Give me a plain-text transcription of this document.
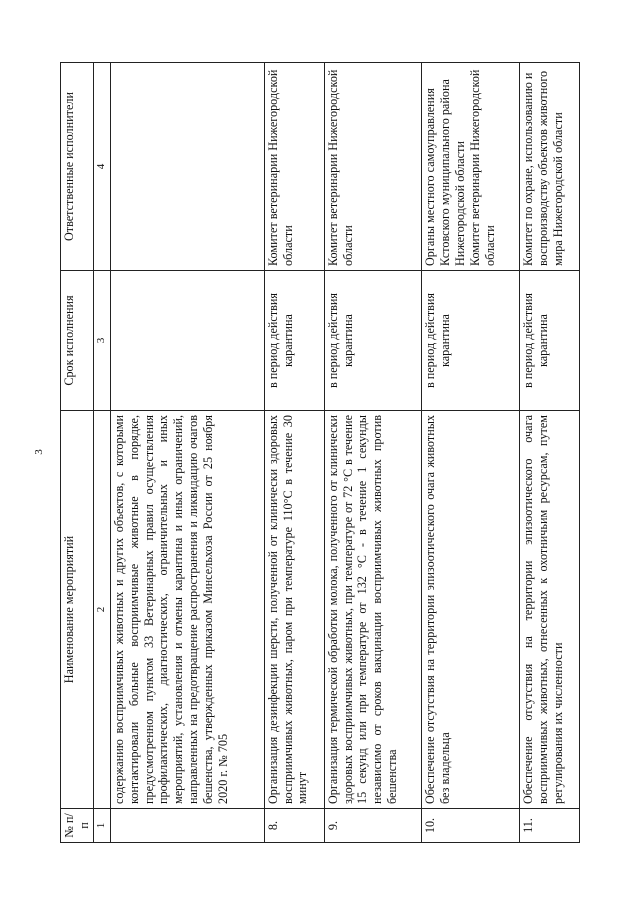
3
№ п/п	Наименование мероприятий	Срок исполнения	Ответственные исполнители
1	2	3	4
	содержанию восприимчивых животных и других объектов, с которыми контактировали больные восприимчивые животные в порядке, предусмотренном пунктом 33 Ветеринарных правил осуществления профилактических, диагностических, ограничительных и иных мероприятий, установления и отмены карантина и иных ограничений, направленных на предотвращение распространения и ликвидацию очагов бешенства, утвержденных приказом Минсельхоза России от 25 ноября 2020 г. № 705		
8.	Организация дезинфекции шерсти, полученной от клинически здоровых восприимчивых животных, паром при температуре 110°С в течение 30 минут	в период действия карантина	Комитет ветеринарии Нижегородской области
9.	Организация термической обработки молока, полученного от клинически здоровых восприимчивых животных, при температуре от 72 °С в течение 15 секунд или при температуре от 132 °С - в течение 1 секунды независимо от сроков вакцинации восприимчивых животных против бешенства	в период действия карантина	Комитет ветеринарии Нижегородской области
10.	Обеспечение отсутствия на территории эпизоотического очага животных без владельца	в период действия карантина	Органы местного самоуправления Кстовского муниципального района Нижегородской области Комитет ветеринарии Нижегородской области

11.	Обеспечение отсутствия на территории эпизоотического очага восприимчивых животных, отнесенных к охотничьим ресурсам, путем регулирования их численности	в период действия карантина	Комитет по охране, использованию и воспроизводству объектов животного мира Нижегородской области
